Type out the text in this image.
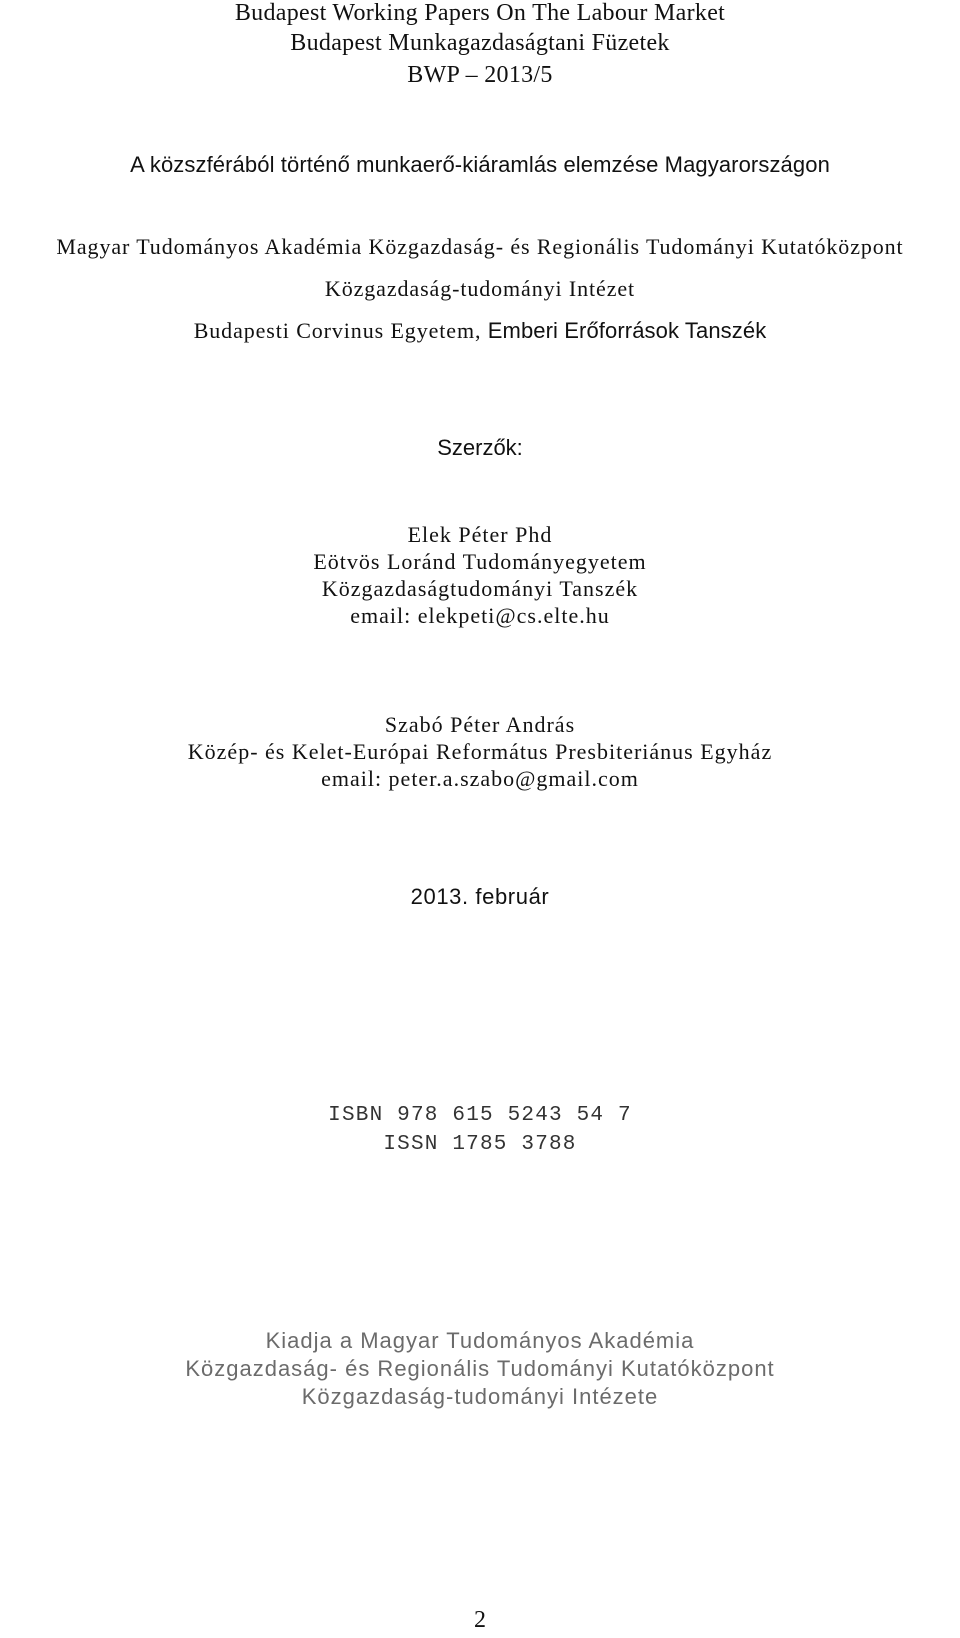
Budapest Working Papers On The Labour Market
Budapest Munkagazdaságtani Füzetek
BWP – 2013/5
A közszférából történő munkaerő-kiáramlás elemzése Magyarországon
Magyar Tudományos Akadémia Közgazdaság- és Regionális Tudományi Kutatóközpont
Közgazdaság-tudományi Intézet
Budapesti Corvinus Egyetem, Emberi Erőforrások Tanszék
Szerzők:
Elek Péter Phd
Eötvös Loránd Tudományegyetem
Közgazdaságtudományi Tanszék
email: elekpeti@cs.elte.hu
Szabó Péter András
Közép- és Kelet-Európai Református Presbiteriánus Egyház
email: peter.a.szabo@gmail.com
2013. február
ISBN 978 615 5243 54 7
ISSN 1785 3788
Kiadja a Magyar Tudományos Akadémia
Közgazdaság- és Regionális Tudományi Kutatóközpont
Közgazdaság-tudományi Intézete
2
